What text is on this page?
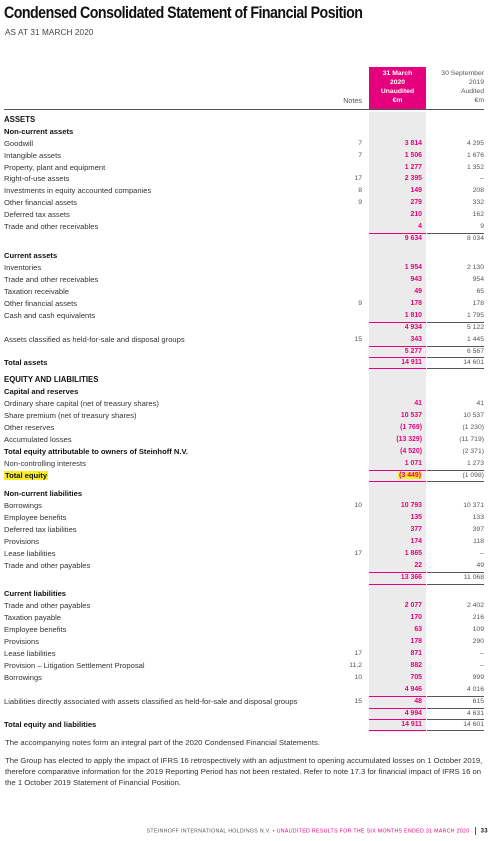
Condensed Consolidated Statement of Financial Position
AS AT 31 MARCH 2020
31 March
2020
Unaudited
€m
30 September
2019
Audited
€m
Notes
ASSETS
Non-current assets
Goodwill	7	3 814	4 295
Intangible assets	7	1 506	1 676
Property, plant and equipment	1 277	1 352
Right-of-use assets	17	2 395	–
Investments in equity accounted companies	8	149	208
Other financial assets	9	279	332
Deferred tax assets	210	162
Trade and other receivables	4	9
9 634	8 034
Current assets
Inventories	1 954	2 130
Trade and other receivables	943	954
Taxation receivable	49	65
Other financial assets	9	178	178
Cash and cash equivalents	1 810	1 795
4 934	5 122
Assets classified as held-for-sale and disposal groups	15	343	1 445
5 277	6 567
Total assets	14 911	14 601
EQUITY AND LIABILITIES
Capital and reserves
Ordinary share capital (net of treasury shares)	41	41
Share premium (net of treasury shares)	10 537	10 537
Other reserves	(1 769)	(1 230)
Accumulated losses	(13 329)	(11 719)
Total equity attributable to owners of Steinhoff N.V.	(4 520)	(2 371)
Non-controlling interests	1 071	1 273
Total equity	(3 449)	(1 098)
Non-current liabilities
Borrowings	10	10 793	10 371
Employee benefits	135	133
Deferred tax liabilities	377	397
Provisions	174	118
Lease liabilities	17	1 865	–
Trade and other payables	22	49
13 366	11 068
Current liabilities
Trade and other payables	2 077	2 402
Taxation payable	170	216
Employee benefits	63	109
Provisions	178	290
Lease liabilities	17	871	–
Provision – Litigation Settlement Proposal	11.2	882	–
Borrowings	10	705	999
4 946	4 016
Liabilities directly associated with assets classified as held-for-sale and disposal groups	15	48	615
4 994	4 631
Total equity and liabilities	14 911	14 601
The accompanying notes form an integral part of the 2020 Condensed Financial Statements.
The Group has elected to apply the impact of IFRS 16 retrospectively with an adjustment to opening accumulated losses on 1 October 2019, therefore comparative information for the 2019 Reporting Period has not been restated. Refer to note 17.3 for financial impact of IFRS 16 on the 1 October 2019 Statement of Financial Position.
STEINHOFF INTERNATIONAL HOLDINGS N.V. • UNAUDITED RESULTS FOR THE SIX MONTHS ENDED 31 MARCH 2020 33
